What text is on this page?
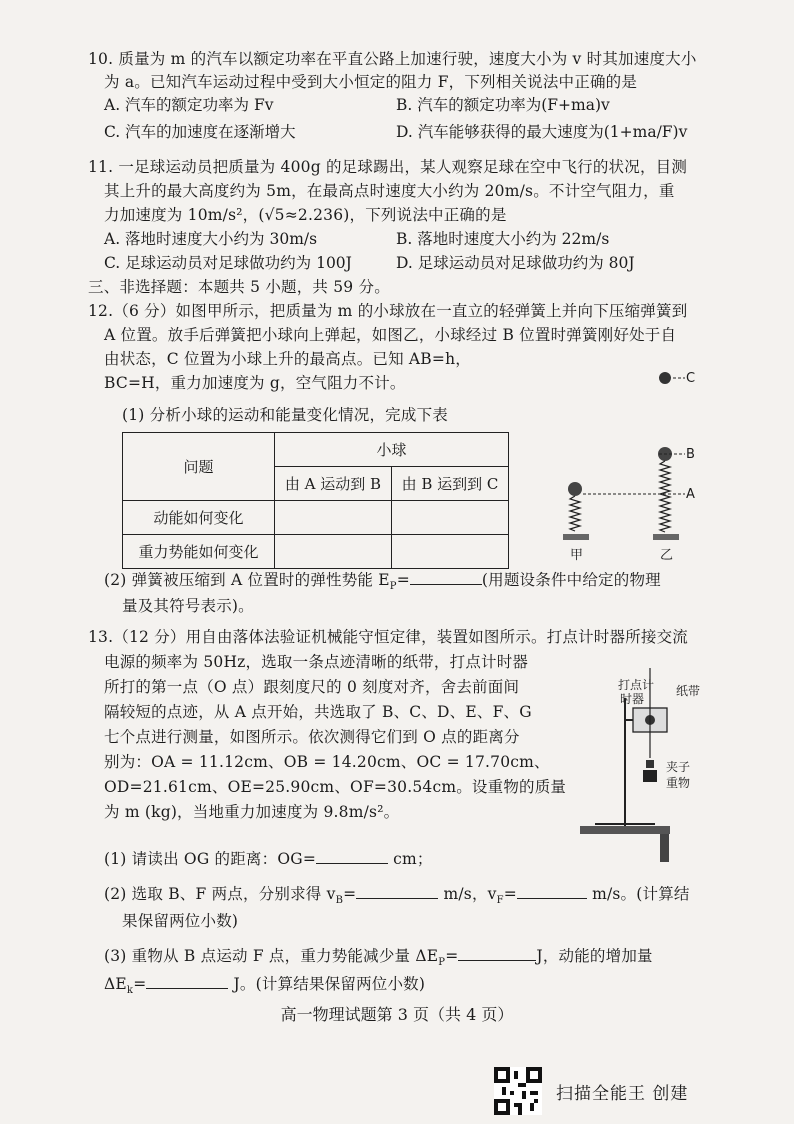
10. 质量为 m 的汽车以额定功率在平直公路上加速行驶，速度大小为 v 时其加速度大小
为 a。已知汽车运动过程中受到大小恒定的阻力 F，下列相关说法中正确的是
A. 汽车的额定功率为 Fv	B. 汽车的额定功率为(F+ma)v
C. 汽车的加速度在逐渐增大	D. 汽车能够获得的最大速度为(1+ma/F)v
11. 一足球运动员把质量为 400g 的足球踢出，某人观察足球在空中飞行的状况，目测
其上升的最大高度约为 5m，在最高点时速度大小约为 20m/s。不计空气阻力，重
力加速度为 10m/s²，(√5≈2.236)，下列说法中正确的是
A. 落地时速度大小约为 30m/s	B. 落地时速度大小约为 22m/s
C. 足球运动员对足球做功约为 100J	D. 足球运动员对足球做功约为 80J
三、非选择题：本题共 5 小题，共 59 分。
12.（6 分）如图甲所示，把质量为 m 的小球放在一直立的轻弹簧上并向下压缩弹簧到
A 位置。放手后弹簧把小球向上弹起，如图乙，小球经过 B 位置时弹簧刚好处于自
由状态，C 位置为小球上升的最高点。已知 AB=h，
BC=H，重力加速度为 g，空气阻力不计。
(1) 分析小球的运动和能量变化情况，完成下表
问题	小球	
	由 A 运动到 B	由 B 运到到 C
动能如何变化		
重力势能如何变化		
C
B
A
甲	乙
(2) 弹簧被压缩到 A 位置时的弹性势能 $E_P=$	(用题设条件中给定的物理
量及其符号表示)。
13.（12 分）用自由落体法验证机械能守恒定律，装置如图所示。打点计时器所接交流
电源的频率为 50Hz，选取一条点迹清晰的纸带，打点计时器
所打的第一点（O 点）跟刻度尺的 0 刻度对齐，舍去前面间
隔较短的点迹，从 A 点开始，共选取了 B、C、D、E、F、G
七个点进行测量，如图所示。依次测得它们到 O 点的距离分
别为：OA = 11.12cm、OB = 14.20cm、OC = 17.70cm、
OD=21.61cm、OE=25.90cm、OF=30.54cm。设重物的质量
为 m (kg)，当地重力加速度为 9.8m/s²。
打点计
时器
纸带
夹子
重物
(1) 请读出 OG 的距离：OG=	cm；
(2) 选取 B、F 两点，分别求得 $v_B=$	m/s，$v_F=$	m/s。(计算结
果保留两位小数)
(3) 重物从 B 点运动 F 点，重力势能减少量 $\Delta E_P=$	J，动能的增加量
$\Delta E_k=$	J。(计算结果保留两位小数)
高一物理试题第 3 页（共 4 页）
扫描全能王 创建
